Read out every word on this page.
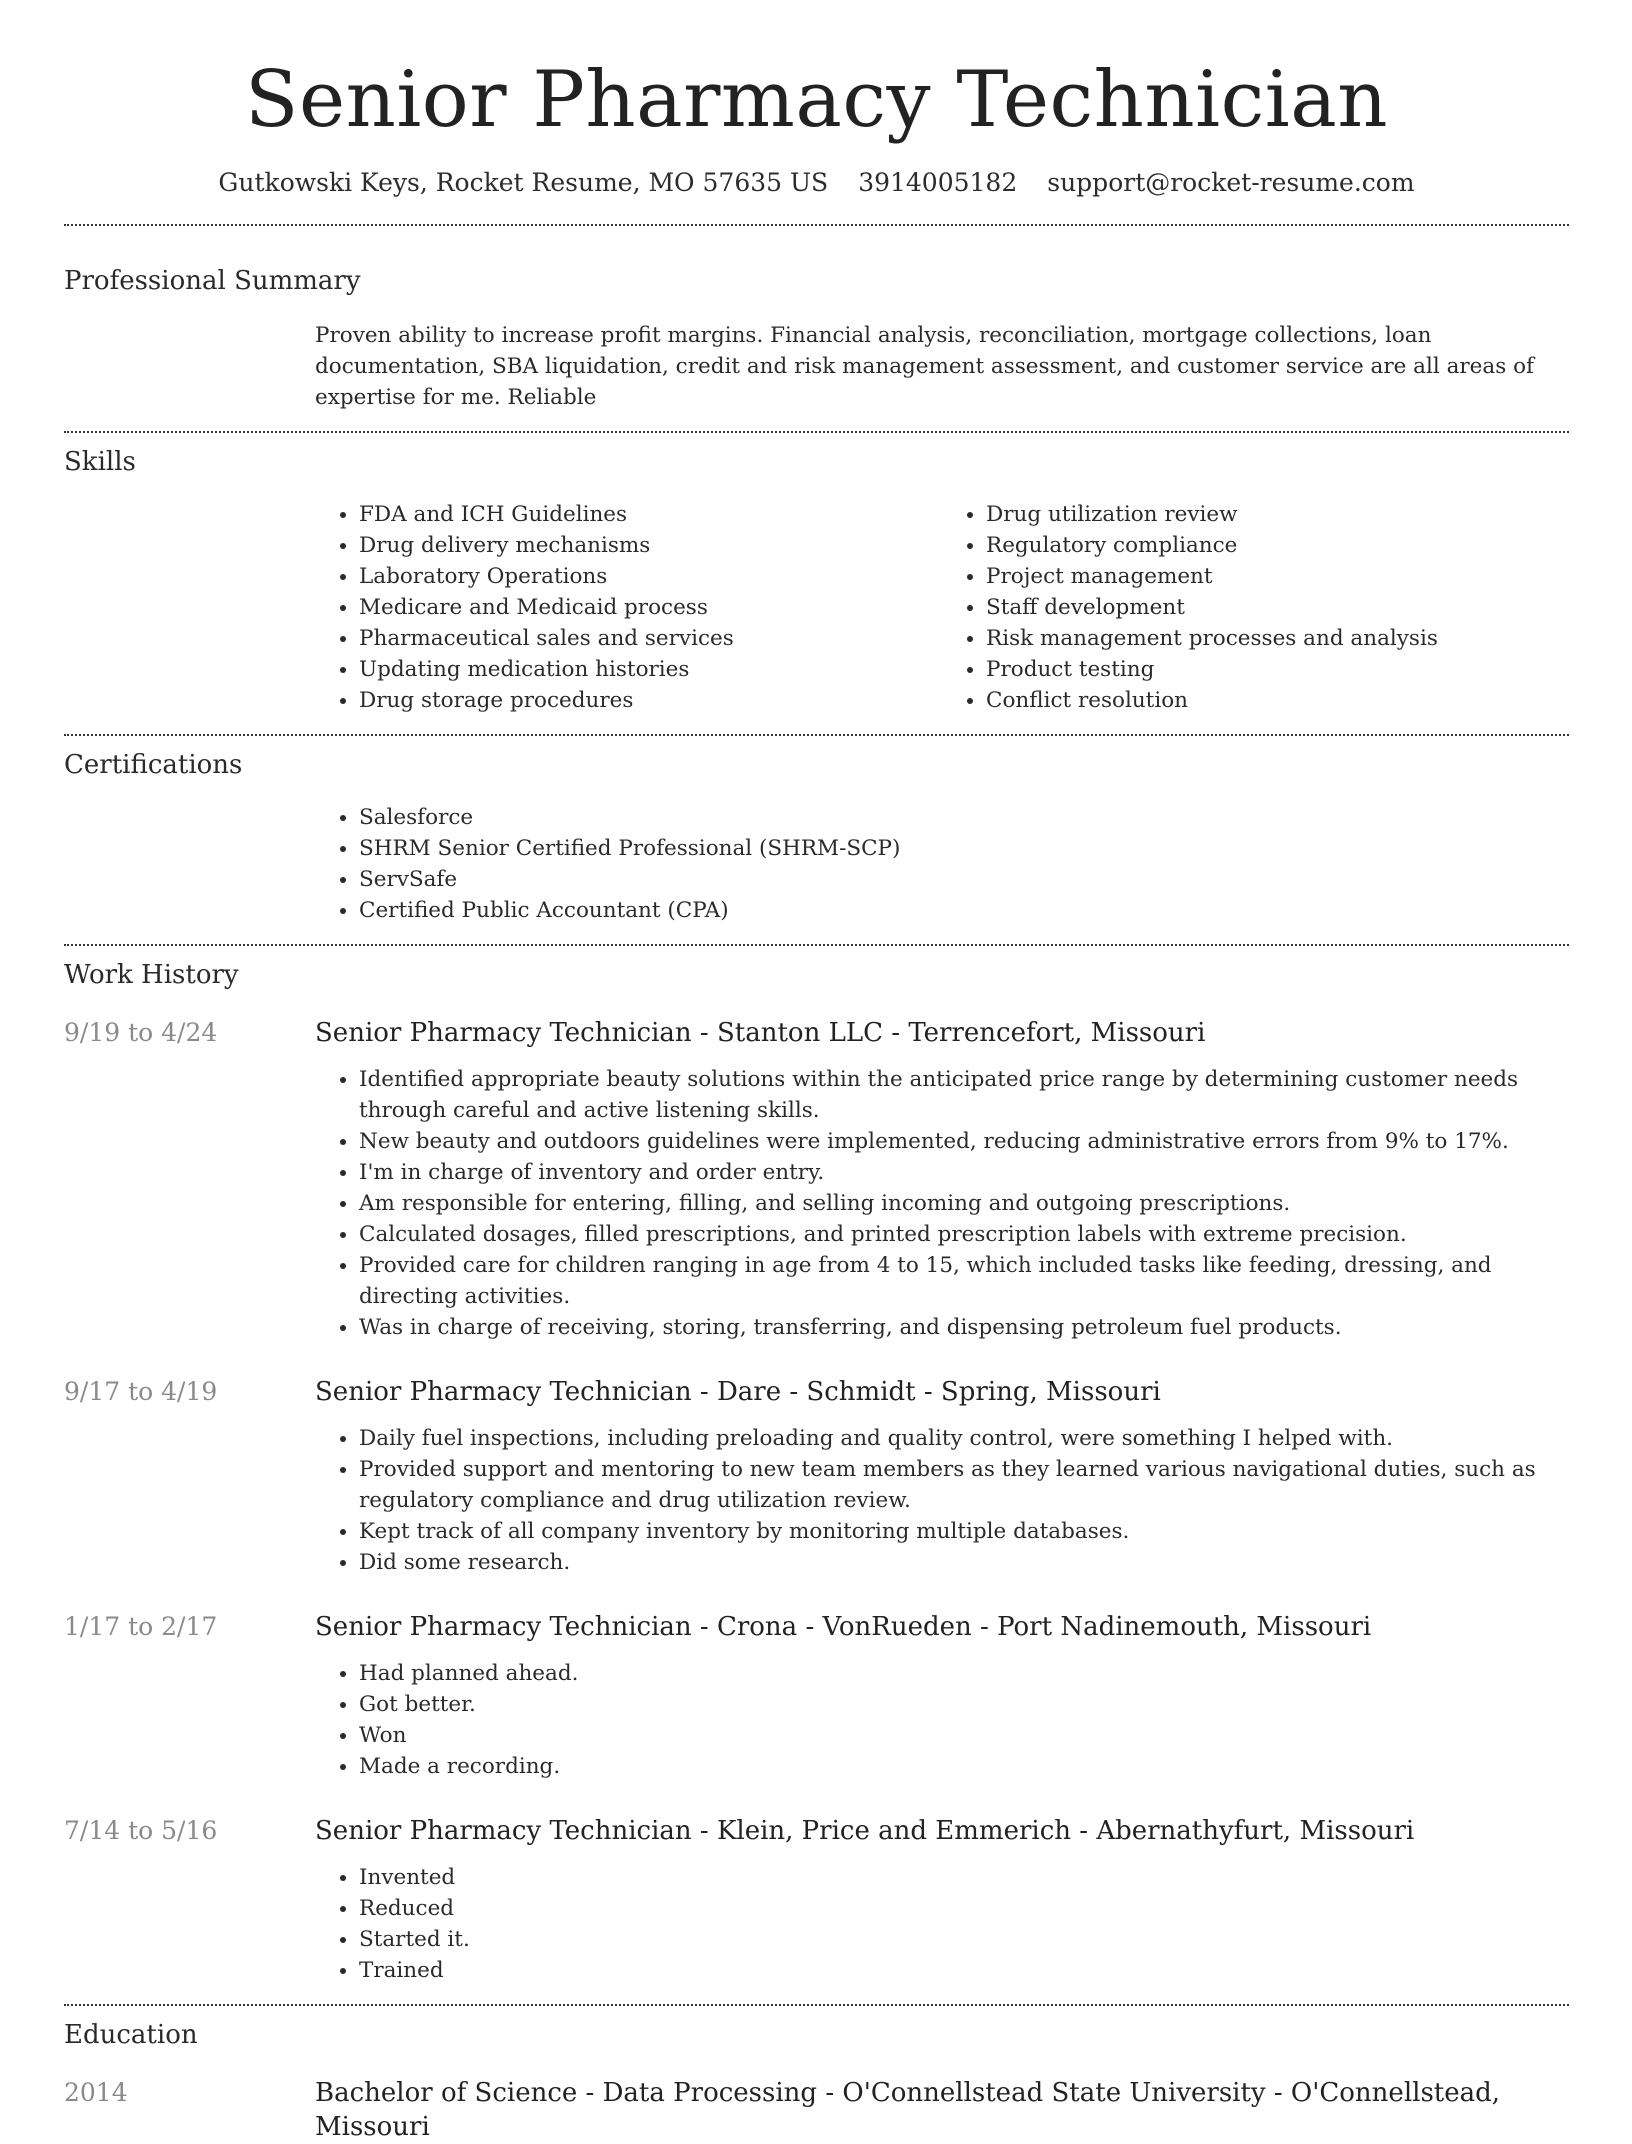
Senior Pharmacy Technician
Gutkowski Keys, Rocket Resume, MO 57635 US 3914005182 support@rocket-resume.com
Professional Summary
Proven ability to increase profit margins. Financial analysis, reconciliation, mortgage collections, loan documentation, SBA liquidation, credit and risk management assessment, and customer service are all areas of expertise for me. Reliable
Skills
• FDA and ICH Guidelines
• Drug delivery mechanisms
• Laboratory Operations
• Medicare and Medicaid process
• Pharmaceutical sales and services
• Updating medication histories
• Drug storage procedures
• Drug utilization review
• Regulatory compliance
• Project management
• Staff development
• Risk management processes and analysis
• Product testing
• Conflict resolution
Certifications
• Salesforce
• SHRM Senior Certified Professional (SHRM-SCP)
• ServSafe
• Certified Public Accountant (CPA)
Work History
9/19 to 4/24	Senior Pharmacy Technician - Stanton LLC - Terrencefort, Missouri
• Identified appropriate beauty solutions within the anticipated price range by determining customer needs through careful and active listening skills.
• New beauty and outdoors guidelines were implemented, reducing administrative errors from 9% to 17%.
• I'm in charge of inventory and order entry.
• Am responsible for entering, filling, and selling incoming and outgoing prescriptions.
• Calculated dosages, filled prescriptions, and printed prescription labels with extreme precision.
• Provided care for children ranging in age from 4 to 15, which included tasks like feeding, dressing, and directing activities.
• Was in charge of receiving, storing, transferring, and dispensing petroleum fuel products.
9/17 to 4/19	Senior Pharmacy Technician - Dare - Schmidt - Spring, Missouri
• Daily fuel inspections, including preloading and quality control, were something I helped with.
• Provided support and mentoring to new team members as they learned various navigational duties, such as regulatory compliance and drug utilization review.
• Kept track of all company inventory by monitoring multiple databases.
• Did some research.
1/17 to 2/17	Senior Pharmacy Technician - Crona - VonRueden - Port Nadinemouth, Missouri
• Had planned ahead.
• Got better.
• Won
• Made a recording.
7/14 to 5/16	Senior Pharmacy Technician - Klein, Price and Emmerich - Abernathyfurt, Missouri
• Invented
• Reduced
• Started it.
• Trained
Education
2014	Bachelor of Science - Data Processing - O'Connellstead State University - O'Connellstead, Missouri
